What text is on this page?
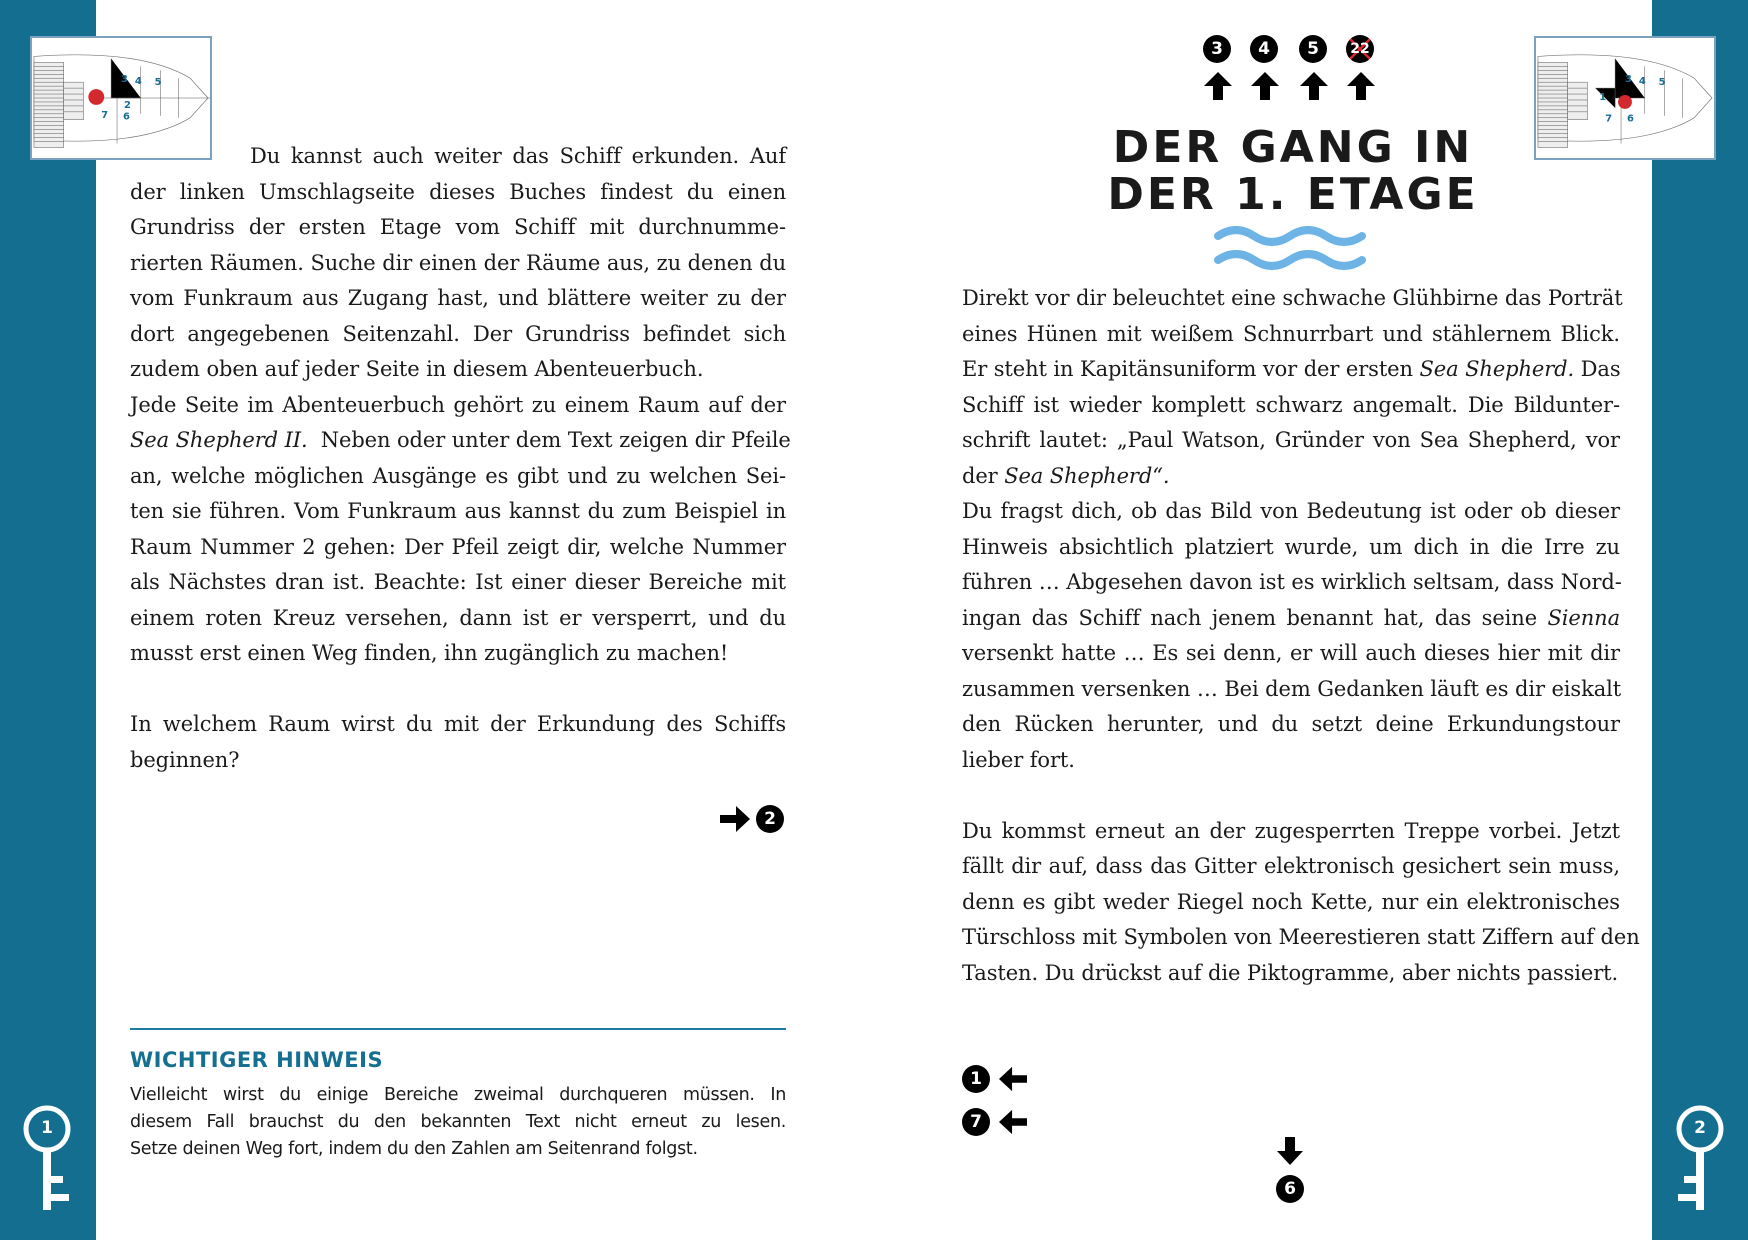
3 4 5
2
7 6
1
3 4 5
7 6
Du kannst auch weiter das Schiff erkunden. Auf
der linken Umschlagseite dieses Buches findest du einen
Grundriss der ersten Etage vom Schiff mit durchnumme-
rierten Räumen. Suche dir einen der Räume aus, zu denen du
vom Funkraum aus Zugang hast, und blättere weiter zu der
dort angegebenen Seitenzahl. Der Grundriss befindet sich
zudem oben auf jeder Seite in diesem Abenteuerbuch.
Jede Seite im Abenteuerbuch gehört zu einem Raum auf der
Sea Shepherd II.  Neben oder unter dem Text zeigen dir Pfeile
an, welche möglichen Ausgänge es gibt und zu welchen Sei-
ten sie führen. Vom Funkraum aus kannst du zum Beispiel in
Raum Nummer 2 gehen: Der Pfeil zeigt dir, welche Nummer
als Nächstes dran ist. Beachte: Ist einer dieser Bereiche mit
einem roten Kreuz versehen, dann ist er versperrt, und du
musst erst einen Weg finden, ihn zugänglich zu machen!
In welchem Raum wirst du mit der Erkundung des Schiffs
beginnen?
Direkt vor dir beleuchtet eine schwache Glühbirne das Porträt
eines Hünen mit weißem Schnurrbart und stählernem Blick.
Er steht in Kapitänsuniform vor der ersten Sea Shepherd. Das
Schiff ist wieder komplett schwarz angemalt. Die Bildunter-
schrift lautet: „Paul Watson, Gründer von Sea Shepherd, vor
der Sea Shepherd“.
Du fragst dich, ob das Bild von Bedeutung ist oder ob dieser
Hinweis absichtlich platziert wurde, um dich in die Irre zu
führen … Abgesehen davon ist es wirklich seltsam, dass Nord-
ingan das Schiff nach jenem benannt hat, das seine Sienna
versenkt hatte … Es sei denn, er will auch dieses hier mit dir
zusammen versenken … Bei dem Gedanken läuft es dir eiskalt
den Rücken herunter, und du setzt deine Erkundungstour
lieber fort.
Du kommst erneut an der zugesperrten Treppe vorbei. Jetzt
fällt dir auf, dass das Gitter elektronisch gesichert sein muss,
denn es gibt weder Riegel noch Kette, nur ein elektronisches
Türschloss mit Symbolen von Meerestieren statt Ziffern auf den
Tasten. Du drückst auf die Piktogramme, aber nichts passiert.
2
WICHTIGER HINWEIS
Vielleicht wirst du einige Bereiche zweimal durchqueren müssen. In
diesem Fall brauchst du den bekannten Text nicht erneut zu lesen.
Setze deinen Weg fort, indem du den Zahlen am Seitenrand folgst.
1	2
3	4	5	22
DER GANG IN
DER 1. ETAGE
1
7
6
